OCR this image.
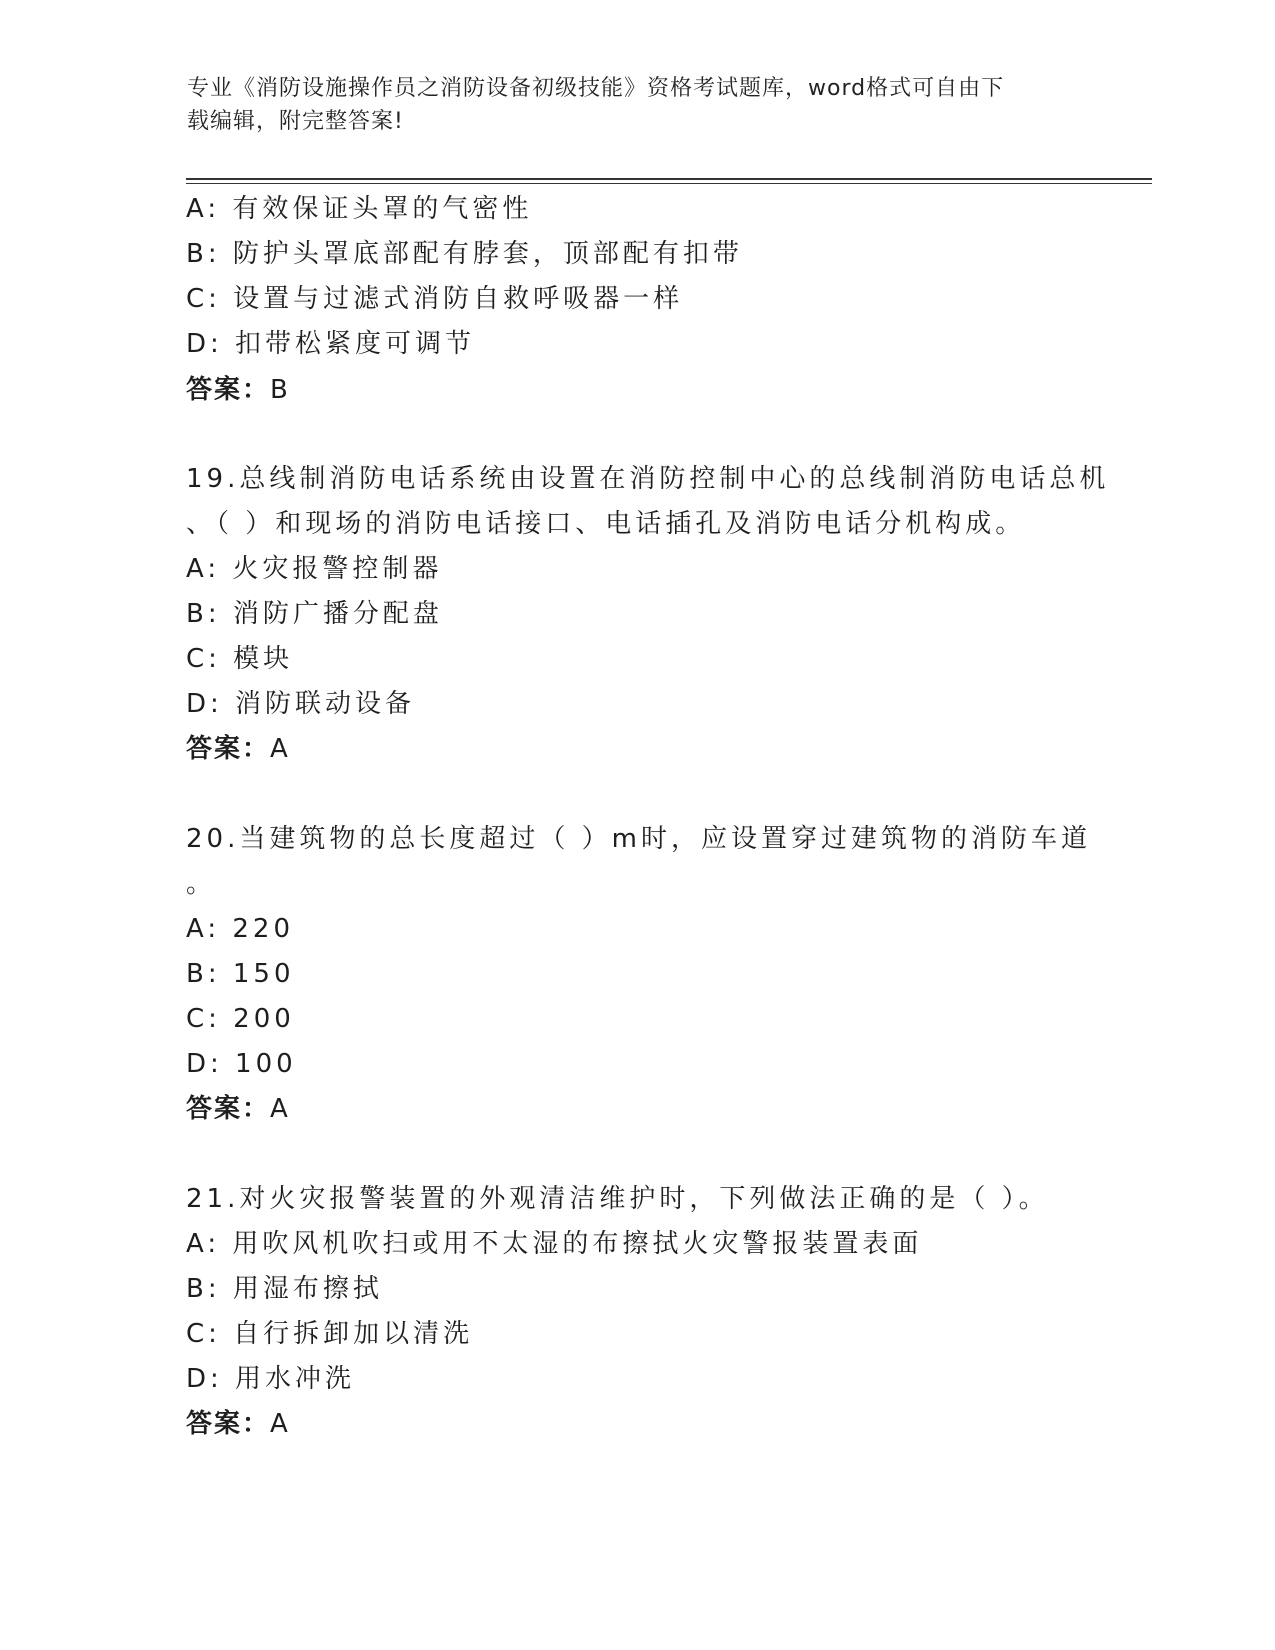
专业《消防设施操作员之消防设备初级技能》资格考试题库，word格式可自由下
载编辑，附完整答案!
A: 有效保证头罩的气密性
B: 防护头罩底部配有脖套，顶部配有扣带
C: 设置与过滤式消防自救呼吸器一样
D: 扣带松紧度可调节
答案：B
19.总线制消防电话系统由设置在消防控制中心的总线制消防电话总机
、（ ）和现场的消防电话接口、电话插孔及消防电话分机构成。
A: 火灾报警控制器
B: 消防广播分配盘
C: 模块
D: 消防联动设备
答案：A
20.当建筑物的总长度超过（ ）m时，应设置穿过建筑物的消防车道
。
A: 220
B: 150
C: 200
D: 100
答案：A
21.对火灾报警装置的外观清洁维护时，下列做法正确的是（ ）。
A: 用吹风机吹扫或用不太湿的布擦拭火灾警报装置表面
B: 用湿布擦拭
C: 自行拆卸加以清洗
D: 用水冲洗
答案：A
